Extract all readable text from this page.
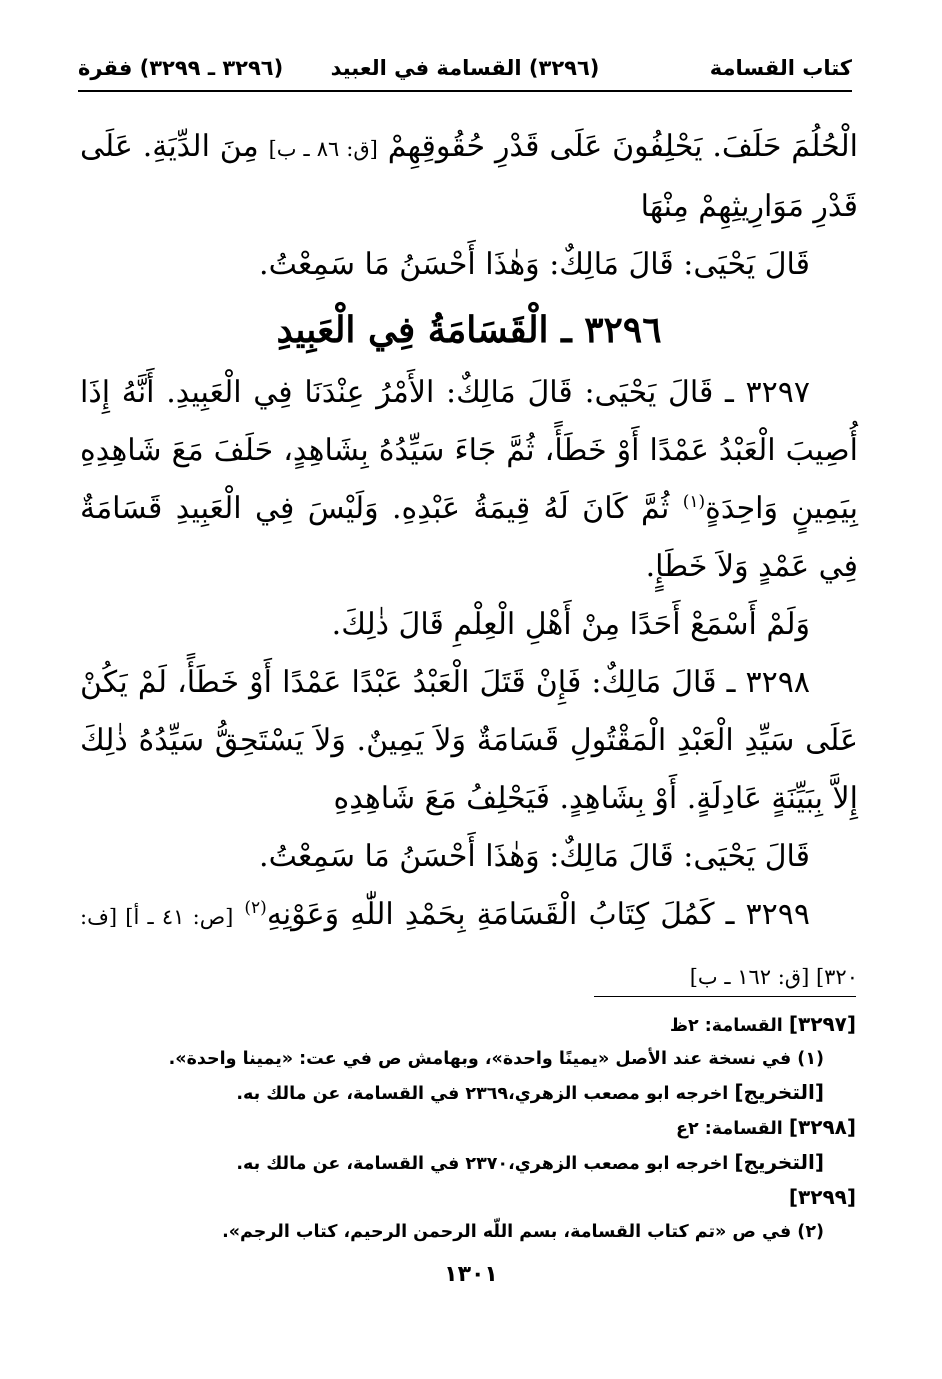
كتاب القسامة
(٣٢٩٦) القسامة في العبيد
(٣٢٩٦ ـ ٣٢٩٩) فقرة

الْحُلُمَ حَلَفَ. يَحْلِفُونَ عَلَى قَدْرِ حُقُوقِهِمْ [ق: ٨٦ ـ ب] مِنَ الدِّيَةِ. عَلَى قَدْرِ مَوَارِيثِهِمْ مِنْهَا

قَالَ يَحْيَى: قَالَ مَالِكٌ: وَهٰذَا أَحْسَنُ مَا سَمِعْتُ.

٣٢٩٦ ـ الْقَسَامَةُ فِي الْعَبِيدِ

٣٢٩٧ ـ قَالَ يَحْيَى: قَالَ مَالِكٌ: الأَمْرُ عِنْدَنَا فِي الْعَبِيدِ. أَنَّهُ إِذَا أُصِيبَ الْعَبْدُ عَمْدًا أَوْ خَطَأً، ثُمَّ جَاءَ سَيِّدُهُ بِشَاهِدٍ، حَلَفَ مَعَ شَاهِدِهِ بِيَمِينٍ وَاحِدَةٍ$^{(١)}$ ثُمَّ كَانَ لَهُ قِيمَةُ عَبْدِهِ. وَلَيْسَ فِي الْعَبِيدِ قَسَامَةٌ فِي عَمْدٍ وَلاَ خَطَإٍ.

وَلَمْ أَسْمَعْ أَحَدًا مِنْ أَهْلِ الْعِلْمِ قَالَ ذٰلِكَ.

٣٢٩٨ ـ قَالَ مَالِكٌ: فَإِنْ قَتَلَ الْعَبْدُ عَبْدًا عَمْدًا أَوْ خَطَأً، لَمْ يَكُنْ عَلَى سَيِّدِ الْعَبْدِ الْمَقْتُولِ قَسَامَةٌ وَلاَ يَمِينٌ. وَلاَ يَسْتَحِقُّ سَيِّدُهُ ذٰلِكَ إِلاَّ بِبَيِّنَةٍ عَادِلَةٍ. أَوْ بِشَاهِدٍ. فَيَحْلِفُ مَعَ شَاهِدِهِ

قَالَ يَحْيَى: قَالَ مَالِكٌ: وَهٰذَا أَحْسَنُ مَا سَمِعْتُ.

٣٢٩٩ ـ كَمُلَ كِتَابُ الْقَسَامَةِ بِحَمْدِ اللّٰهِ وَعَوْنِهِ$^{(٢)}$ [ص: ٤١ ـ أ] [ف: ٣٢٠] [ق: ١٦٢ ـ ب]

[٣٢٩٧] القسامة: ٢ظ

(١) في نسخة عند الأصل «يمينًا واحدة»، وبهامش ص في عت: «يمينا واحدة».

[التخريج] اخرجه ابو مصعب الزهري،٢٣٦٩ في القسامة، عن مالك به.

[٣٢٩٨] القسامة: ٢ع

[التخريج] اخرجه ابو مصعب الزهري،٢٣٧٠ في القسامة، عن مالك به.

[٣٢٩٩]

(٢) في ص «تم كتاب القسامة، بسم اللّه الرحمن الرحيم، كتاب الرجم».

١٣٠١
